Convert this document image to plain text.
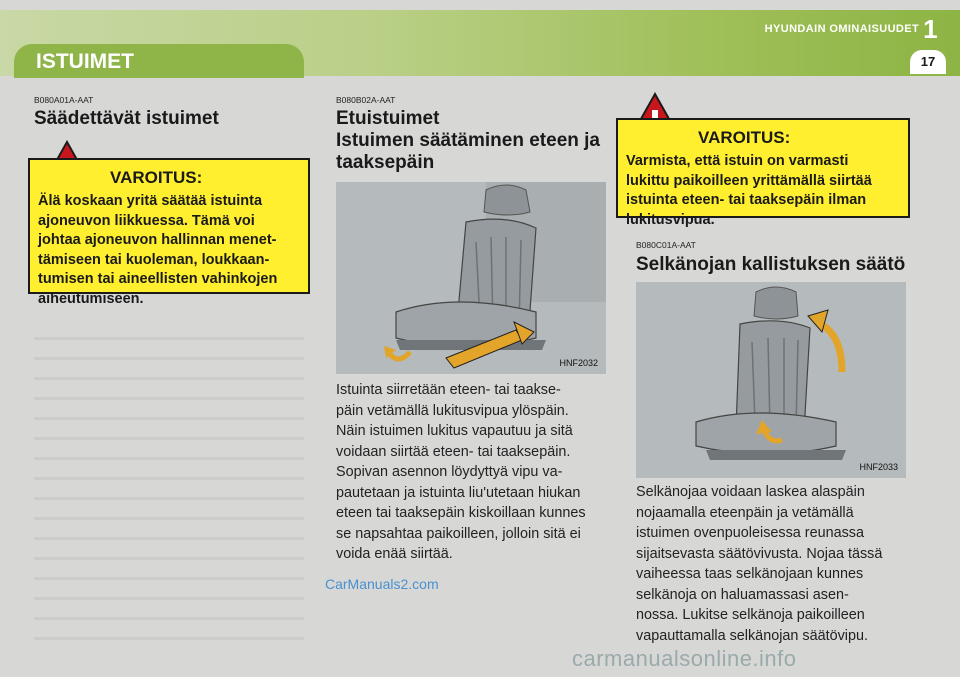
HYUNDAIN OMINAISUUDET 1
ISTUIMET	17
B080A01A-AAT
Säädettävät istuimet
VAROITUS:
Älä koskaan yritä säätää istuinta
ajoneuvon liikkuessa. Tämä voi
johtaa ajoneuvon hallinnan menet-
tämiseen tai kuoleman, loukkaan-
tumisen tai aineellisten vahinkojen
aiheutumiseen.
B080B02A-AAT
Etuistuimet
Istuimen säätäminen eteen ja
taaksepäin
HNF2032
Istuinta siirretään eteen- tai taakse-
päin vetämällä lukitusvipua ylöspäin.
Näin istuimen lukitus vapautuu ja sitä
voidaan siirtää eteen- tai taaksepäin.
Sopivan asennon löydyttyä vipu va-
pautetaan ja istuinta liu'utetaan hiukan
eteen tai taaksepäin kiskoillaan kunnes
se napsahtaa paikoilleen, jolloin sitä ei
voida enää siirtää.
CarManuals2.com
VAROITUS:
Varmista, että istuin on varmasti
lukittu paikoilleen yrittämällä siirtää
istuinta eteen- tai taaksepäin ilman
lukitusvipua.
B080C01A-AAT
Selkänojan kallistuksen säätö
HNF2033
Selkänojaa voidaan laskea alaspäin
nojaamalla eteenpäin ja vetämällä
istuimen ovenpuoleisessa reunassa
sijaitsevasta säätövivusta. Nojaa tässä
vaiheessa taas selkänojaan kunnes
selkänoja on haluamassasi asen-
nossa. Lukitse selkänoja paikoilleen
vapauttamalla selkänojan säätövipu.
carmanualsonline.info
